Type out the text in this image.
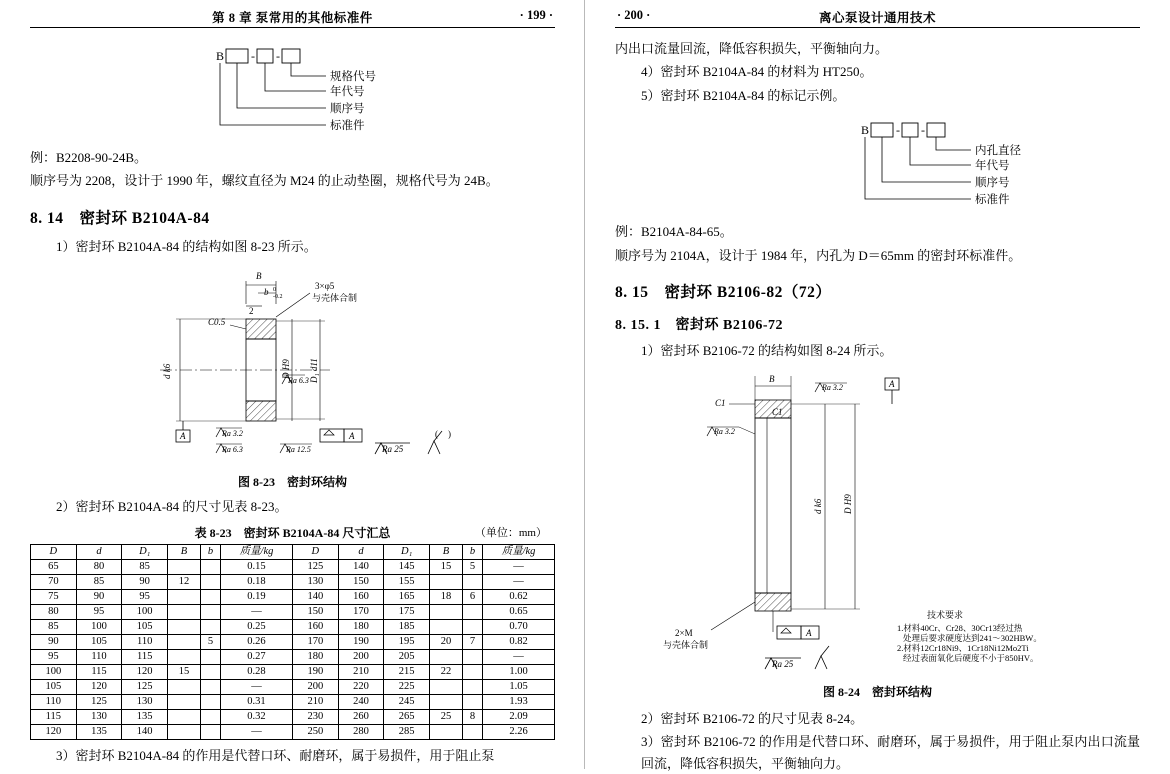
第 8 章 泵常用的其他标准件	· 199 ·
B - -
规格代号
年代号
顺序号
标准件
例：B2208-90-24B。
顺序号为 2208，设计于 1990 年，螺纹直径为 M24 的止动垫圈，规格代号为 24B。
8. 14　密封环 B2104A-84
1）密封环 B2104A-84 的结构如图 8-23 所示。
B
b 0
-0.2
2
3×φ5
与壳体合制
C0.5
d k6	D H9 D₁ d11
Ra 6.3
Ra 3.2
Ra 6.3	Ra 12.5
A	A
Ra 25
( )
图 8-23　密封环结构
2）密封环 B2104A-84 的尺寸见表 8-23。
表 8-23　密封环 B2104A-84 尺寸汇总	（单位：mm）
D	d	D₁	B	b	质量/kg	D	d	D₁	B	b	质量/kg
65	80	85			0.15	125	140	145	15	5	—
70	85	90	12		0.18	130	150	155			—
75	90	95			0.19	140	160	165	18	6	0.62
80	95	100			—	150	170	175			0.65
85	100	105			0.25	160	180	185			0.70
90	105	110		5	0.26	170	190	195	20	7	0.82
95	110	115			0.27	180	200	205			—
100	115	120	15		0.28	190	210	215	22		1.00
105	120	125			—	200	220	225			1.05
110	125	130			0.31	210	240	245			1.93
115	130	135			0.32	230	260	265	25	8	2.09
120	135	140			—	250	280	285			2.26
3）密封环 B2104A-84 的作用是代替口环、耐磨环，属于易损件，用于阻止泵
· 200 ·	离心泵设计通用技术
内出口流量回流，降低容积损失，平衡轴向力。
4）密封环 B2104A-84 的材料为 HT250。
5）密封环 B2104A-84 的标记示例。
B - -
内孔直径
年代号
顺序号
标准件
例：B2104A-84-65。
顺序号为 2104A，设计于 1984 年，内孔为 D＝65mm 的密封环标准件。
8. 15　密封环 B2106-82（72）
8. 15. 1　密封环 B2106-72
1）密封环 B2106-72 的结构如图 8-24 所示。
B
Ra 3.2	A
C1
C1
Ra 3.2
d k6 D H9
2×M
与壳体合制
A
技术要求
1.材料40Cr、Cr28、30Cr13经过热
处理后要求硬度达到241～302HBW。
2.材料12Cr18Ni9、1Cr18Ni12Mo2Ti
经过表面氧化后硬度不小于850HV。
Ra 25
图 8-24　密封环结构
2）密封环 B2106-72 的尺寸见表 8-24。
3）密封环 B2106-72 的作用是代替口环、耐磨环，属于易损件，用于阻止泵内出口流量回流，降低容积损失，平衡轴向力。
